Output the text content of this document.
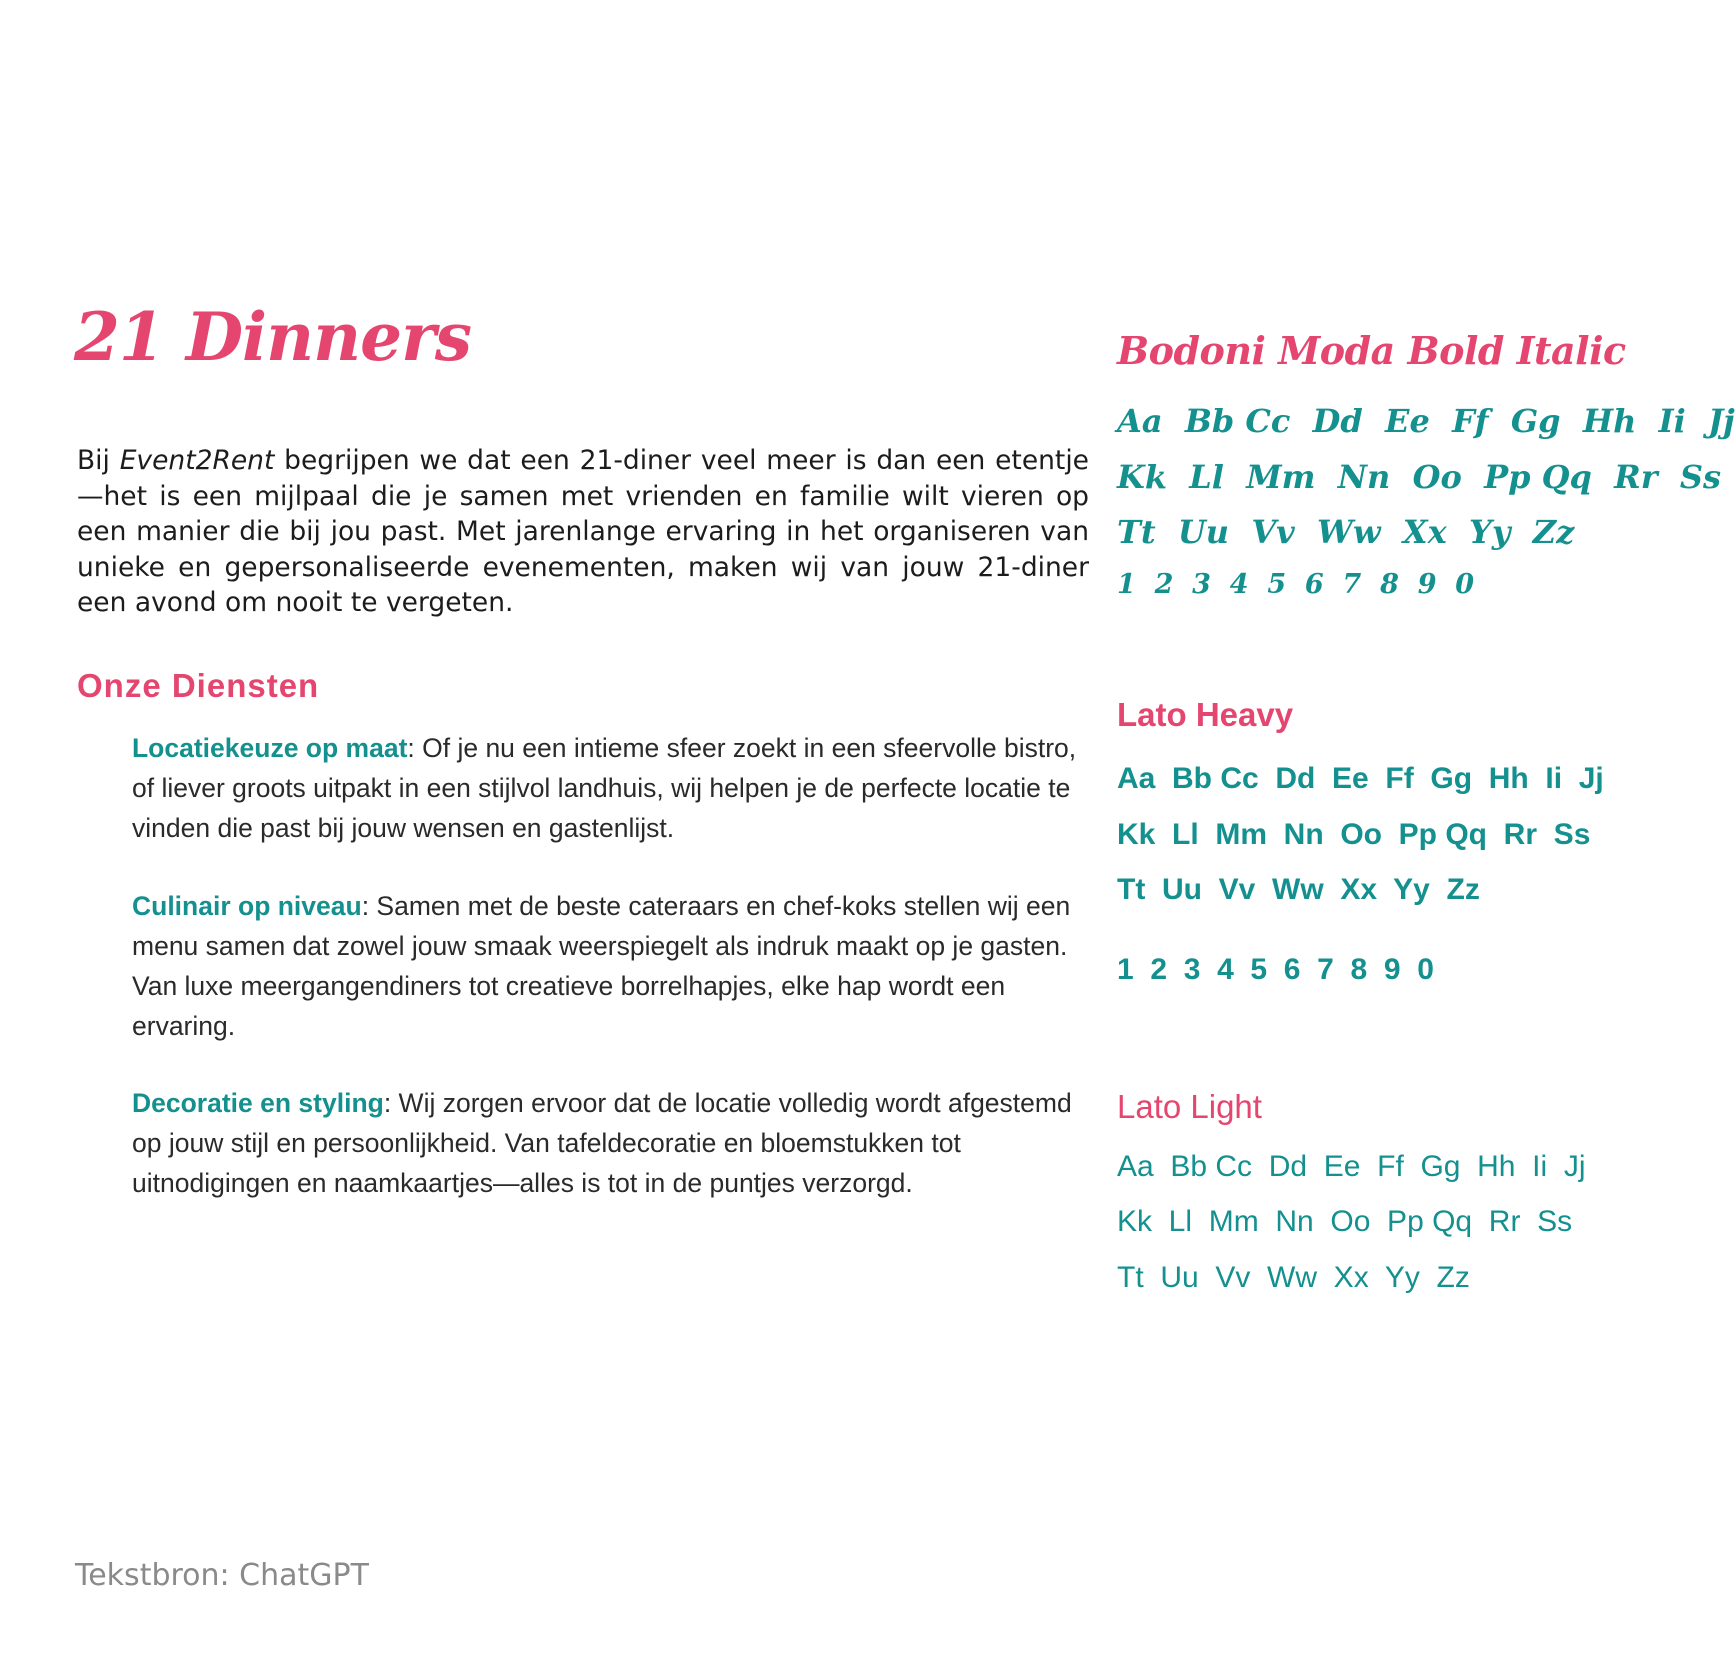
21 Dinners

Bij Event2Rent begrijpen we dat een 21-diner veel meer is dan een etentje—het is een mijlpaal die je samen met vrienden en familie wilt vieren op een manier die bij jou past. Met jarenlange ervaring in het organiseren van unieke en gepersonaliseerde evenementen, maken wij van jouw 21-diner een avond om nooit te vergeten.

Onze Diensten

Locatiekeuze op maat: Of je nu een intieme sfeer zoekt in een sfeervolle bistro, of liever groots uitpakt in een stijlvol landhuis, wij helpen je de perfecte locatie te vinden die past bij jouw wensen en gastenlijst.

Culinair op niveau: Samen met de beste cateraars en chef-koks stellen wij een menu samen dat zowel jouw smaak weerspiegelt als indruk maakt op je gasten. Van luxe meergangendiners tot creatieve borrelhapjes, elke hap wordt een ervaring.

Decoratie en styling: Wij zorgen ervoor dat de locatie volledig wordt afgestemd op jouw stijl en persoonlijkheid. Van tafeldecoratie en bloemstukken tot uitnodigingen en naamkaartjes—alles is tot in de puntjes verzorgd.

Tekstbron: ChatGPT

Bodoni Moda Bold Italic

Aa  Bb Cc  Dd  Ee  Ff  Gg  Hh  Ii  Jj

Kk  Ll  Mm  Nn  Oo  Pp Qq  Rr  Ss

Tt  Uu  Vv  Ww  Xx  Yy  Zz

1  2  3  4  5  6  7  8  9  0

Lato Heavy

Aa  Bb Cc  Dd  Ee  Ff  Gg  Hh  Ii  Jj

Kk  Ll  Mm  Nn  Oo  Pp Qq  Rr  Ss

Tt  Uu  Vv  Ww  Xx  Yy  Zz

1  2  3  4  5  6  7  8  9  0

Lato Light

Aa  Bb Cc  Dd  Ee  Ff  Gg  Hh  Ii  Jj

Kk  Ll  Mm  Nn  Oo  Pp Qq  Rr  Ss

Tt  Uu  Vv  Ww  Xx  Yy  Zz
